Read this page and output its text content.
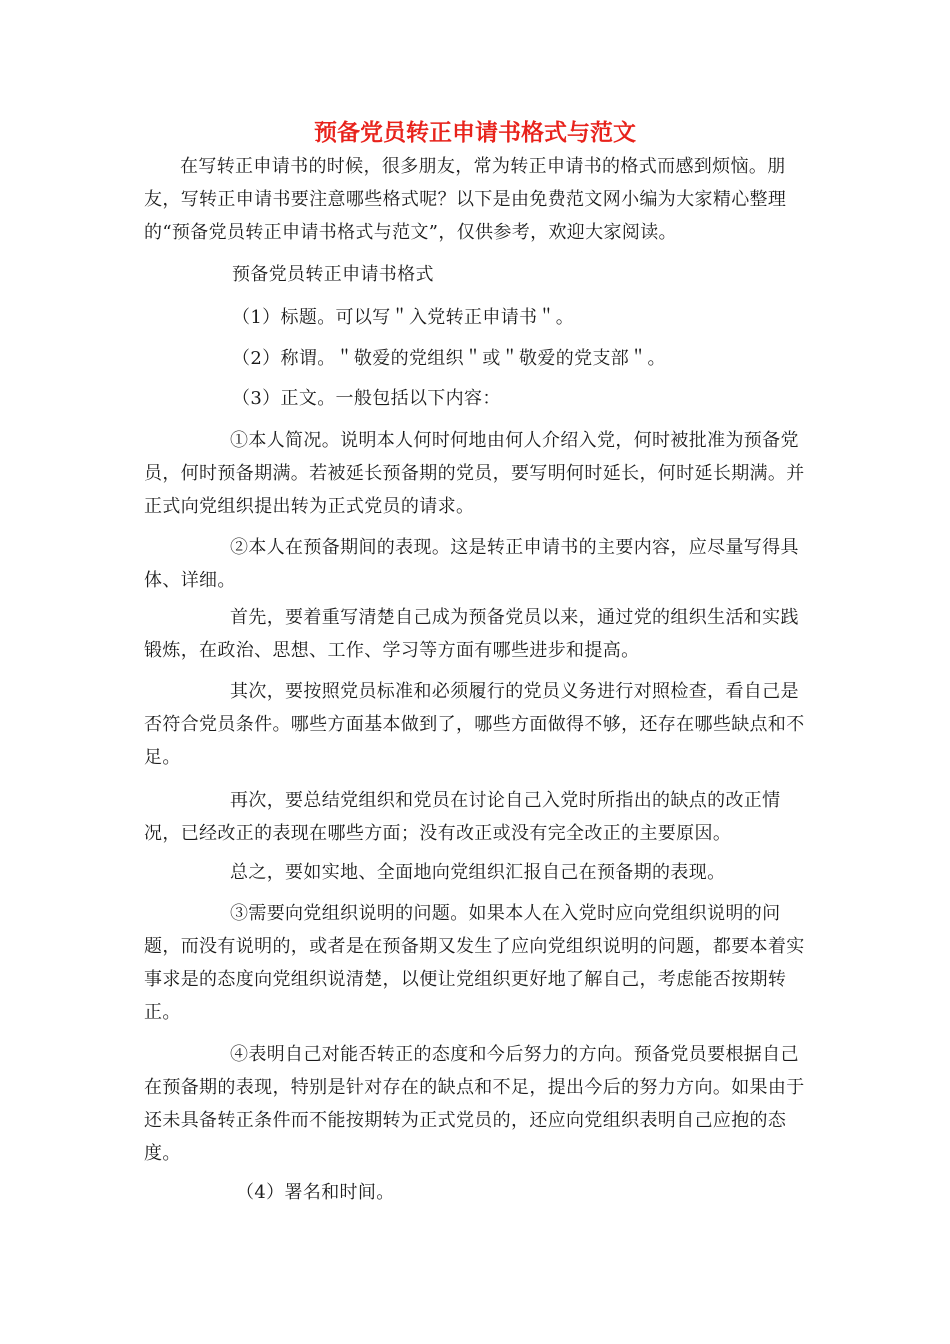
预备党员转正申请书格式与范文

在写转正申请书的时候，很多朋友，常为转正申请书的格式而感到烦恼。朋友，写转正申请书要注意哪些格式呢？以下是由免费范文网小编为大家精心整理的“预备党员转正申请书格式与范文”，仅供参考，欢迎大家阅读。

预备党员转正申请书格式

（1）标题。可以写＂入党转正申请书＂。

（2）称谓。＂敬爱的党组织＂或＂敬爱的党支部＂。

（3）正文。一般包括以下内容：

①本人简况。说明本人何时何地由何人介绍入党，何时被批准为预备党员，何时预备期满。若被延长预备期的党员，要写明何时延长，何时延长期满。并正式向党组织提出转为正式党员的请求。

②本人在预备期间的表现。这是转正申请书的主要内容，应尽量写得具体、详细。

首先，要着重写清楚自己成为预备党员以来，通过党的组织生活和实践锻炼，在政治、思想、工作、学习等方面有哪些进步和提高。

其次，要按照党员标准和必须履行的党员义务进行对照检查，看自己是否符合党员条件。哪些方面基本做到了，哪些方面做得不够，还存在哪些缺点和不足。

再次，要总结党组织和党员在讨论自己入党时所指出的缺点的改正情况，已经改正的表现在哪些方面；没有改正或没有完全改正的主要原因。

总之，要如实地、全面地向党组织汇报自己在预备期的表现。

③需要向党组织说明的问题。如果本人在入党时应向党组织说明的问题，而没有说明的，或者是在预备期又发生了应向党组织说明的问题，都要本着实事求是的态度向党组织说清楚，以便让党组织更好地了解自己，考虑能否按期转正。

④表明自己对能否转正的态度和今后努力的方向。预备党员要根据自己在预备期的表现，特别是针对存在的缺点和不足，提出今后的努力方向。如果由于还未具备转正条件而不能按期转为正式党员的，还应向党组织表明自己应抱的态度。

（4）署名和时间。
